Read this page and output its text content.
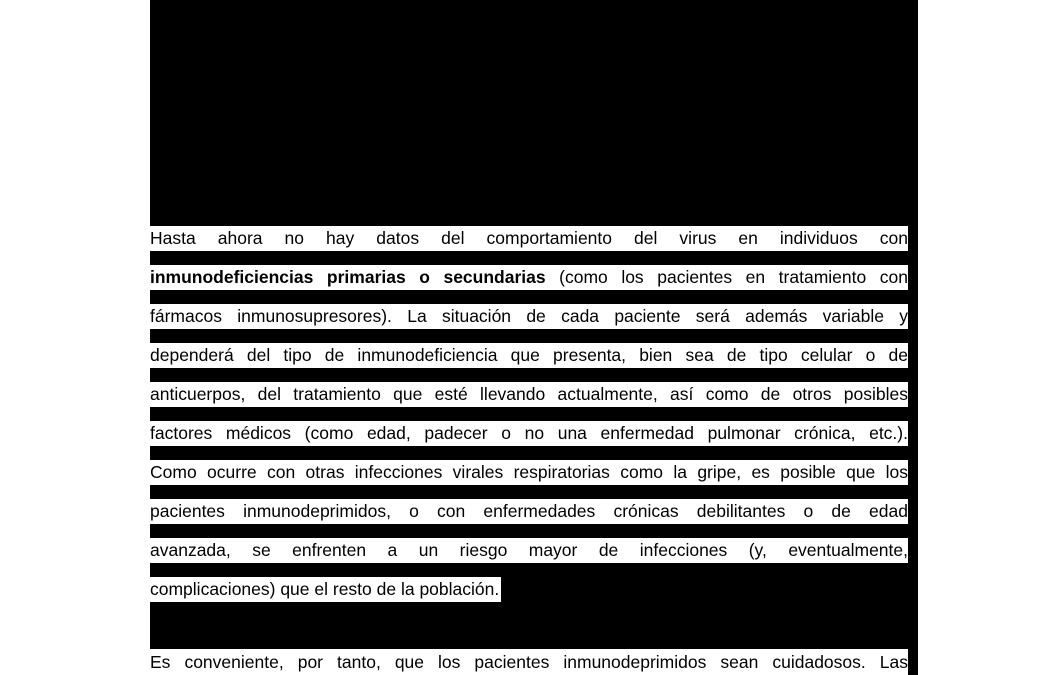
Hasta ahora no hay datos del comportamiento del virus en individuos con
inmunodeficiencias primarias o secundarias (como los pacientes en tratamiento con
fármacos inmunosupresores). La situación de cada paciente será además variable y
dependerá del tipo de inmunodeficiencia que presenta, bien sea de tipo celular o de
anticuerpos, del tratamiento que esté llevando actualmente, así como de otros posibles
factores médicos (como edad, padecer o no una enfermedad pulmonar crónica, etc.).
Como ocurre con otras infecciones virales respiratorias como la gripe, es posible que los
pacientes inmunodeprimidos, o con enfermedades crónicas debilitantes o de edad
avanzada, se enfrenten a un riesgo mayor de infecciones (y, eventualmente,
complicaciones) que el resto de la población.
Es conveniente, por tanto, que los pacientes inmunodeprimidos sean cuidadosos. Las
